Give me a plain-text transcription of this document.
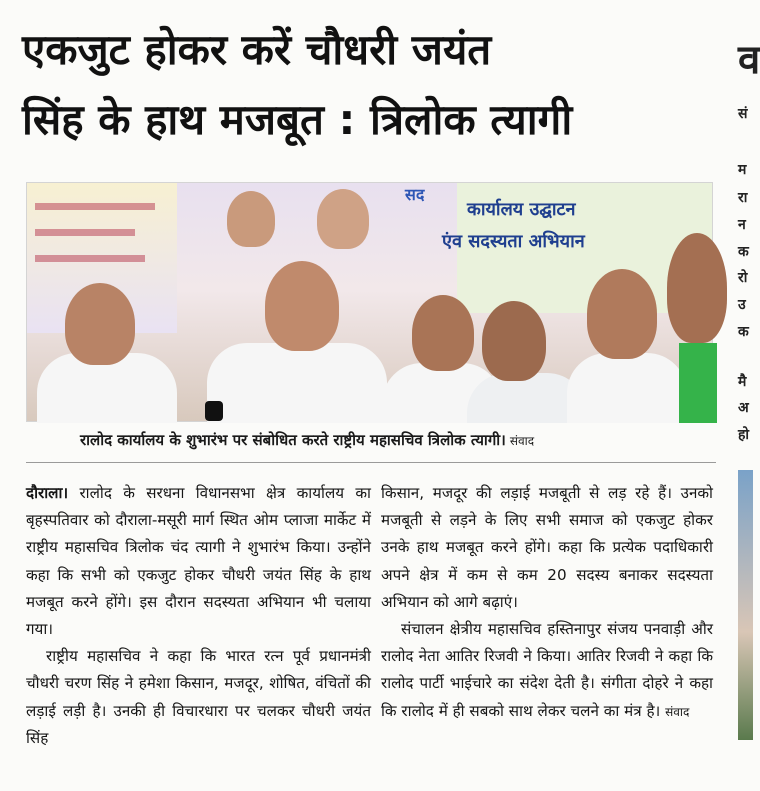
एकजुट होकर करें चौधरी जयंत
सिंह के हाथ मजबूत : त्रिलोक त्यागी
सद
कार्यालय उद्घाटन
एंव सदस्यता अभियान

रालोद कार्यालय के शुभारंभ पर संबोधित करते राष्ट्रीय महासचिव त्रिलोक त्यागी। संवाद

दौराला। रालोद के सरधना विधानसभा क्षेत्र कार्यालय का बृहस्पतिवार को दौराला-मसूरी मार्ग स्थित ओम प्लाजा मार्केट में राष्ट्रीय महासचिव त्रिलोक चंद त्यागी ने शुभारंभ किया। उन्होंने कहा कि सभी को एकजुट होकर चौधरी जयंत सिंह के हाथ मजबूत करने होंगे। इस दौरान सदस्यता अभियान भी चलाया गया।

राष्ट्रीय महासचिव ने कहा कि भारत रत्न पूर्व प्रधानमंत्री चौधरी चरण सिंह ने हमेशा किसान, मजदूर, शोषित, वंचितों की लड़ाई लड़ी है। उनकी ही विचारधारा पर चलकर चौधरी जयंत सिंह

किसान, मजदूर की लड़ाई मजबूती से लड़ रहे हैं। उनको मजबूती से लड़ने के लिए सभी समाज को एकजुट होकर उनके हाथ मजबूत करने होंगे। कहा कि प्रत्येक पदाधिकारी अपने क्षेत्र में कम से कम 20 सदस्य बनाकर सदस्यता अभियान को आगे बढ़ाएं।

संचालन क्षेत्रीय महासचिव हस्तिनापुर संजय पनवाड़ी और रालोद नेता आतिर रिजवी ने किया। आतिर रिजवी ने कहा कि रालोद पार्टी भाईचारे का संदेश देती है। संगीता दोहरे ने कहा कि रालोद में ही सबको साथ लेकर चलने का मंत्र है। संवाद

व
सं
म
रा
न
क
रो
उ
क
मै
अ
हो
